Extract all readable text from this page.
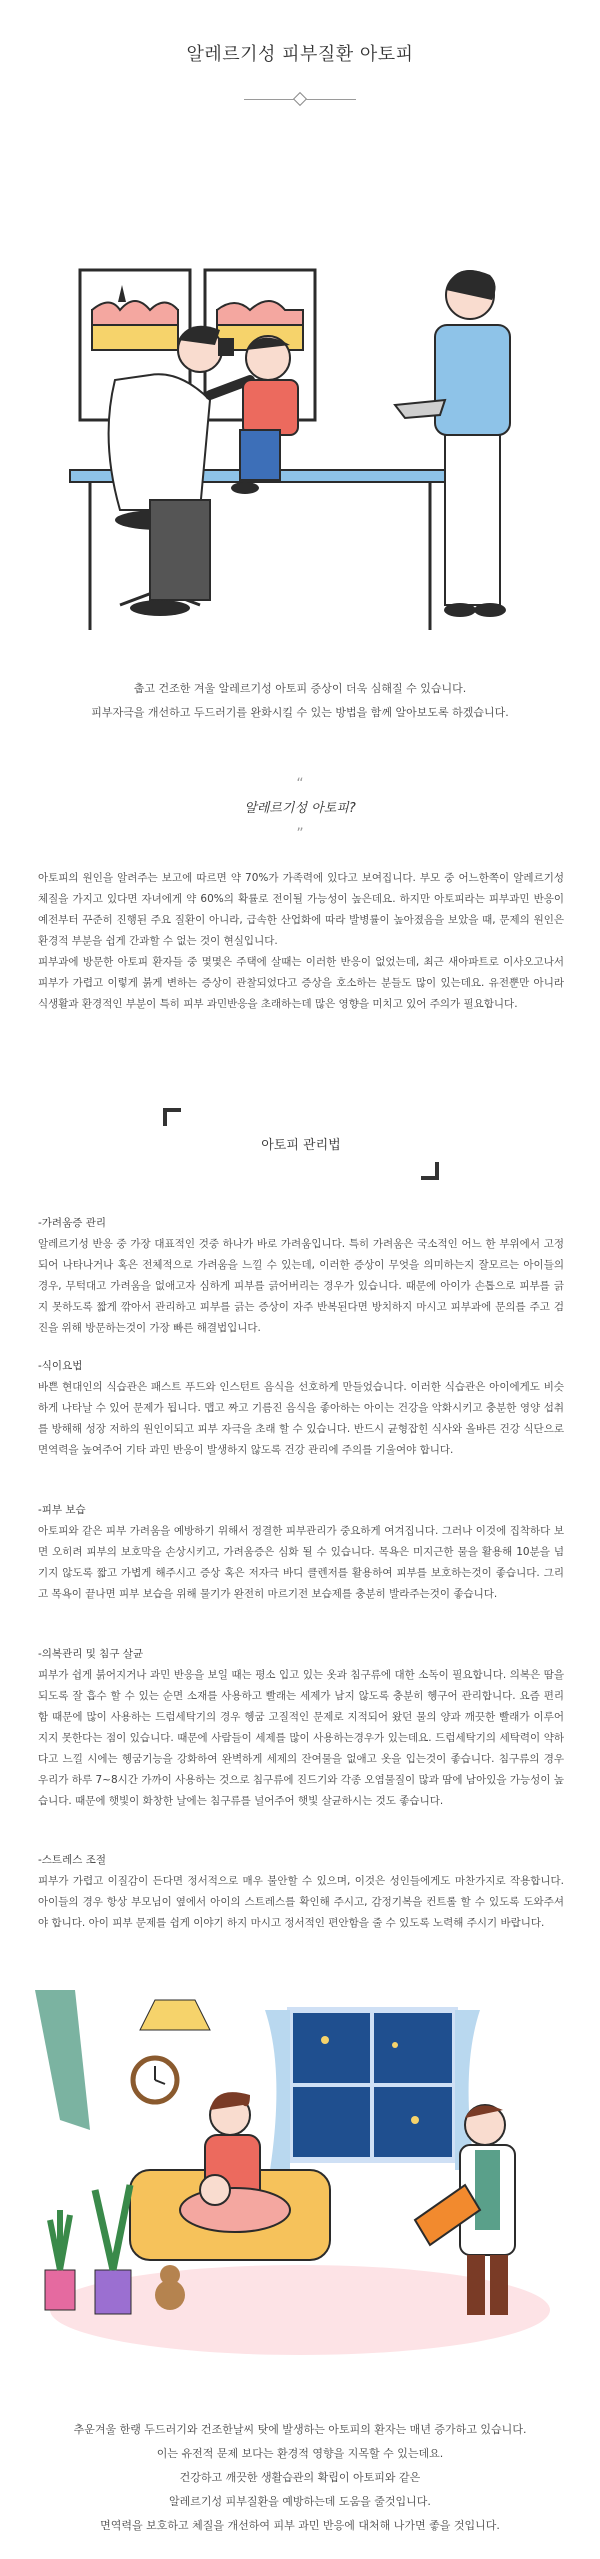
알레르기성 피부질환 아토피
춥고 건조한 겨울 알레르기성 아토피 증상이 더욱 심해질 수 있습니다.
피부자극을 개선하고 두드러기를 완화시킬 수 있는 방법을 함께 알아보도록 하겠습니다.
“
알레르기성 아토피?
”

아토피의 원인을 알려주는 보고에 따르면 약 70%가 가족력에 있다고 보여집니다. 부모 중 어느한쪽이 알레르기성 체질을 가지고 있다면 자녀에게 약 60%의 확률로 전이될 가능성이 높은데요. 하지만 아토피라는 피부과민 반응이 예전부터 꾸준히 진행된 주요 질환이 아니라, 급속한 산업화에 따라 발병률이 높아졌음을 보았을 때, 문제의 원인은 환경적 부분을 쉽게 간과할 수 없는 것이 현실입니다.

피부과에 방문한 아토피 환자들 중 몇몇은 주택에 살때는 이러한 반응이 없었는데, 최근 새아파트로 이사오고나서 피부가 가렵고 이렇게 붉게 변하는 증상이 관찰되었다고 증상을 호소하는 분들도 많이 있는데요. 유전뿐만 아니라 식생활과 환경적인 부분이 특히 피부 과민반응을 초래하는데 많은 영향을 미치고 있어 주의가 필요합니다.

아토피 관리법
-가려움증 관리
알레르기성 반응 중 가장 대표적인 것중 하나가 바로 가려움입니다. 특히 가려움은 국소적인 어느 한 부위에서 고정되어 나타나거나 혹은 전체적으로 가려움을 느낄 수 있는데, 이러한 증상이 무엇을 의미하는지 잘모르는 아이들의 경우, 무턱대고 가려움을 없애고자 심하게 피부를 긁어버리는 경우가 있습니다. 때문에 아이가 손톱으로 피부를 긁지 못하도록 짧게 깎아서 관리하고 피부를 긁는 증상이 자주 반복된다면 방치하지 마시고 피부과에 문의를 주고 검진을 위해 방문하는것이 가장 빠른 해결법입니다.
-식이요법
바쁜 현대인의 식습관은 패스트 푸드와 인스턴트 음식을 선호하게 만들었습니다. 이러한 식습관은 아이에게도 비슷하게 나타날 수 있어 문제가 됩니다. 맵고 짜고 기름진 음식을 좋아하는 아이는 건강을 악화시키고 충분한 영양 섭취를 방해해 성장 저하의 원인이되고 피부 자극을 초래 할 수 있습니다. 반드시 균형잡힌 식사와 올바른 건강 식단으로 면역력을 높여주어 기타 과민 반응이 발생하지 않도록 건강 관리에 주의를 기울여야 합니다.
-피부 보습
아토피와 같은 피부 가려움을 예방하기 위해서 정결한 피부관리가 중요하게 여겨집니다. 그러나 이것에 집착하다 보면 오히려 피부의 보호막을 손상시키고, 가려움증은 심화 될 수 있습니다. 목욕은 미지근한 물을 활용해 10분을 넘기지 않도록 짧고 가볍게 해주시고 증상 혹은 저자극 바디 클렌저를 활용하여 피부를 보호하는것이 좋습니다. 그리고 목욕이 끝나면 피부 보습을 위해 물기가 완전히 마르기전 보습제를 충분히 발라주는것이 좋습니다.
-의복관리 및 침구 살균
피부가 쉽게 붉어지거나 과민 반응을 보일 때는 평소 입고 있는 옷과 침구류에 대한 소독이 필요합니다. 의복은 땀을 되도록 잘 흡수 할 수 있는 순면 소재를 사용하고 빨래는 세제가 남지 않도록 충분히 헹구어 관리합니다. 요즘 편리함 때문에 많이 사용하는 드럼세탁기의 경우 헹굼 고질적인 문제로 지적되어 왔던 물의 양과 깨끗한 빨래가 이루어지지 못한다는 점이 있습니다. 때문에 사람들이 세제를 많이 사용하는경우가 있는데요. 드럼세탁기의 세탁력이 약하다고 느낄 시에는 헹굼기능을 강화하여 완벽하게 세제의 잔여물을 없애고 옷을 입는것이 좋습니다. 침구류의 경우 우리가 하루 7~8시간 가까이 사용하는 것으로 침구류에 진드기와 각종 오염물질이 많과 땀에 남아있을 가능성이 높습니다. 때문에 햇빛이 화창한 날에는 침구류를 널어주어 햇빛 살균하시는 것도 좋습니다.
-스트레스 조절
피부가 가렵고 이질감이 든다면 정서적으로 매우 불안할 수 있으며, 이것은 성인들에게도 마찬가지로 작용합니다. 아이들의 경우 항상 부모님이 옆에서 아이의 스트레스를 확인해 주시고, 감정기복을 컨트롤 할 수 있도록 도와주셔야 합니다. 아이 피부 문제를 쉽게 이야기 하지 마시고 정서적인 편안함을 줄 수 있도록 노력해 주시기 바랍니다.
추운겨울 한랭 두드러기와 건조한날씨 탓에 발생하는 아토피의 환자는 매년 증가하고 있습니다.
이는 유전적 문제 보다는 환경적 영향을 지목할 수 있는데요.
건강하고 깨끗한 생활습관의 확립이 아토피와 같은
알레르기성 피부질환을 예방하는데 도움을 줄것입니다.
면역력을 보호하고 체질을 개선하여 피부 과민 반응에 대처해 나가면 좋을 것입니다.
